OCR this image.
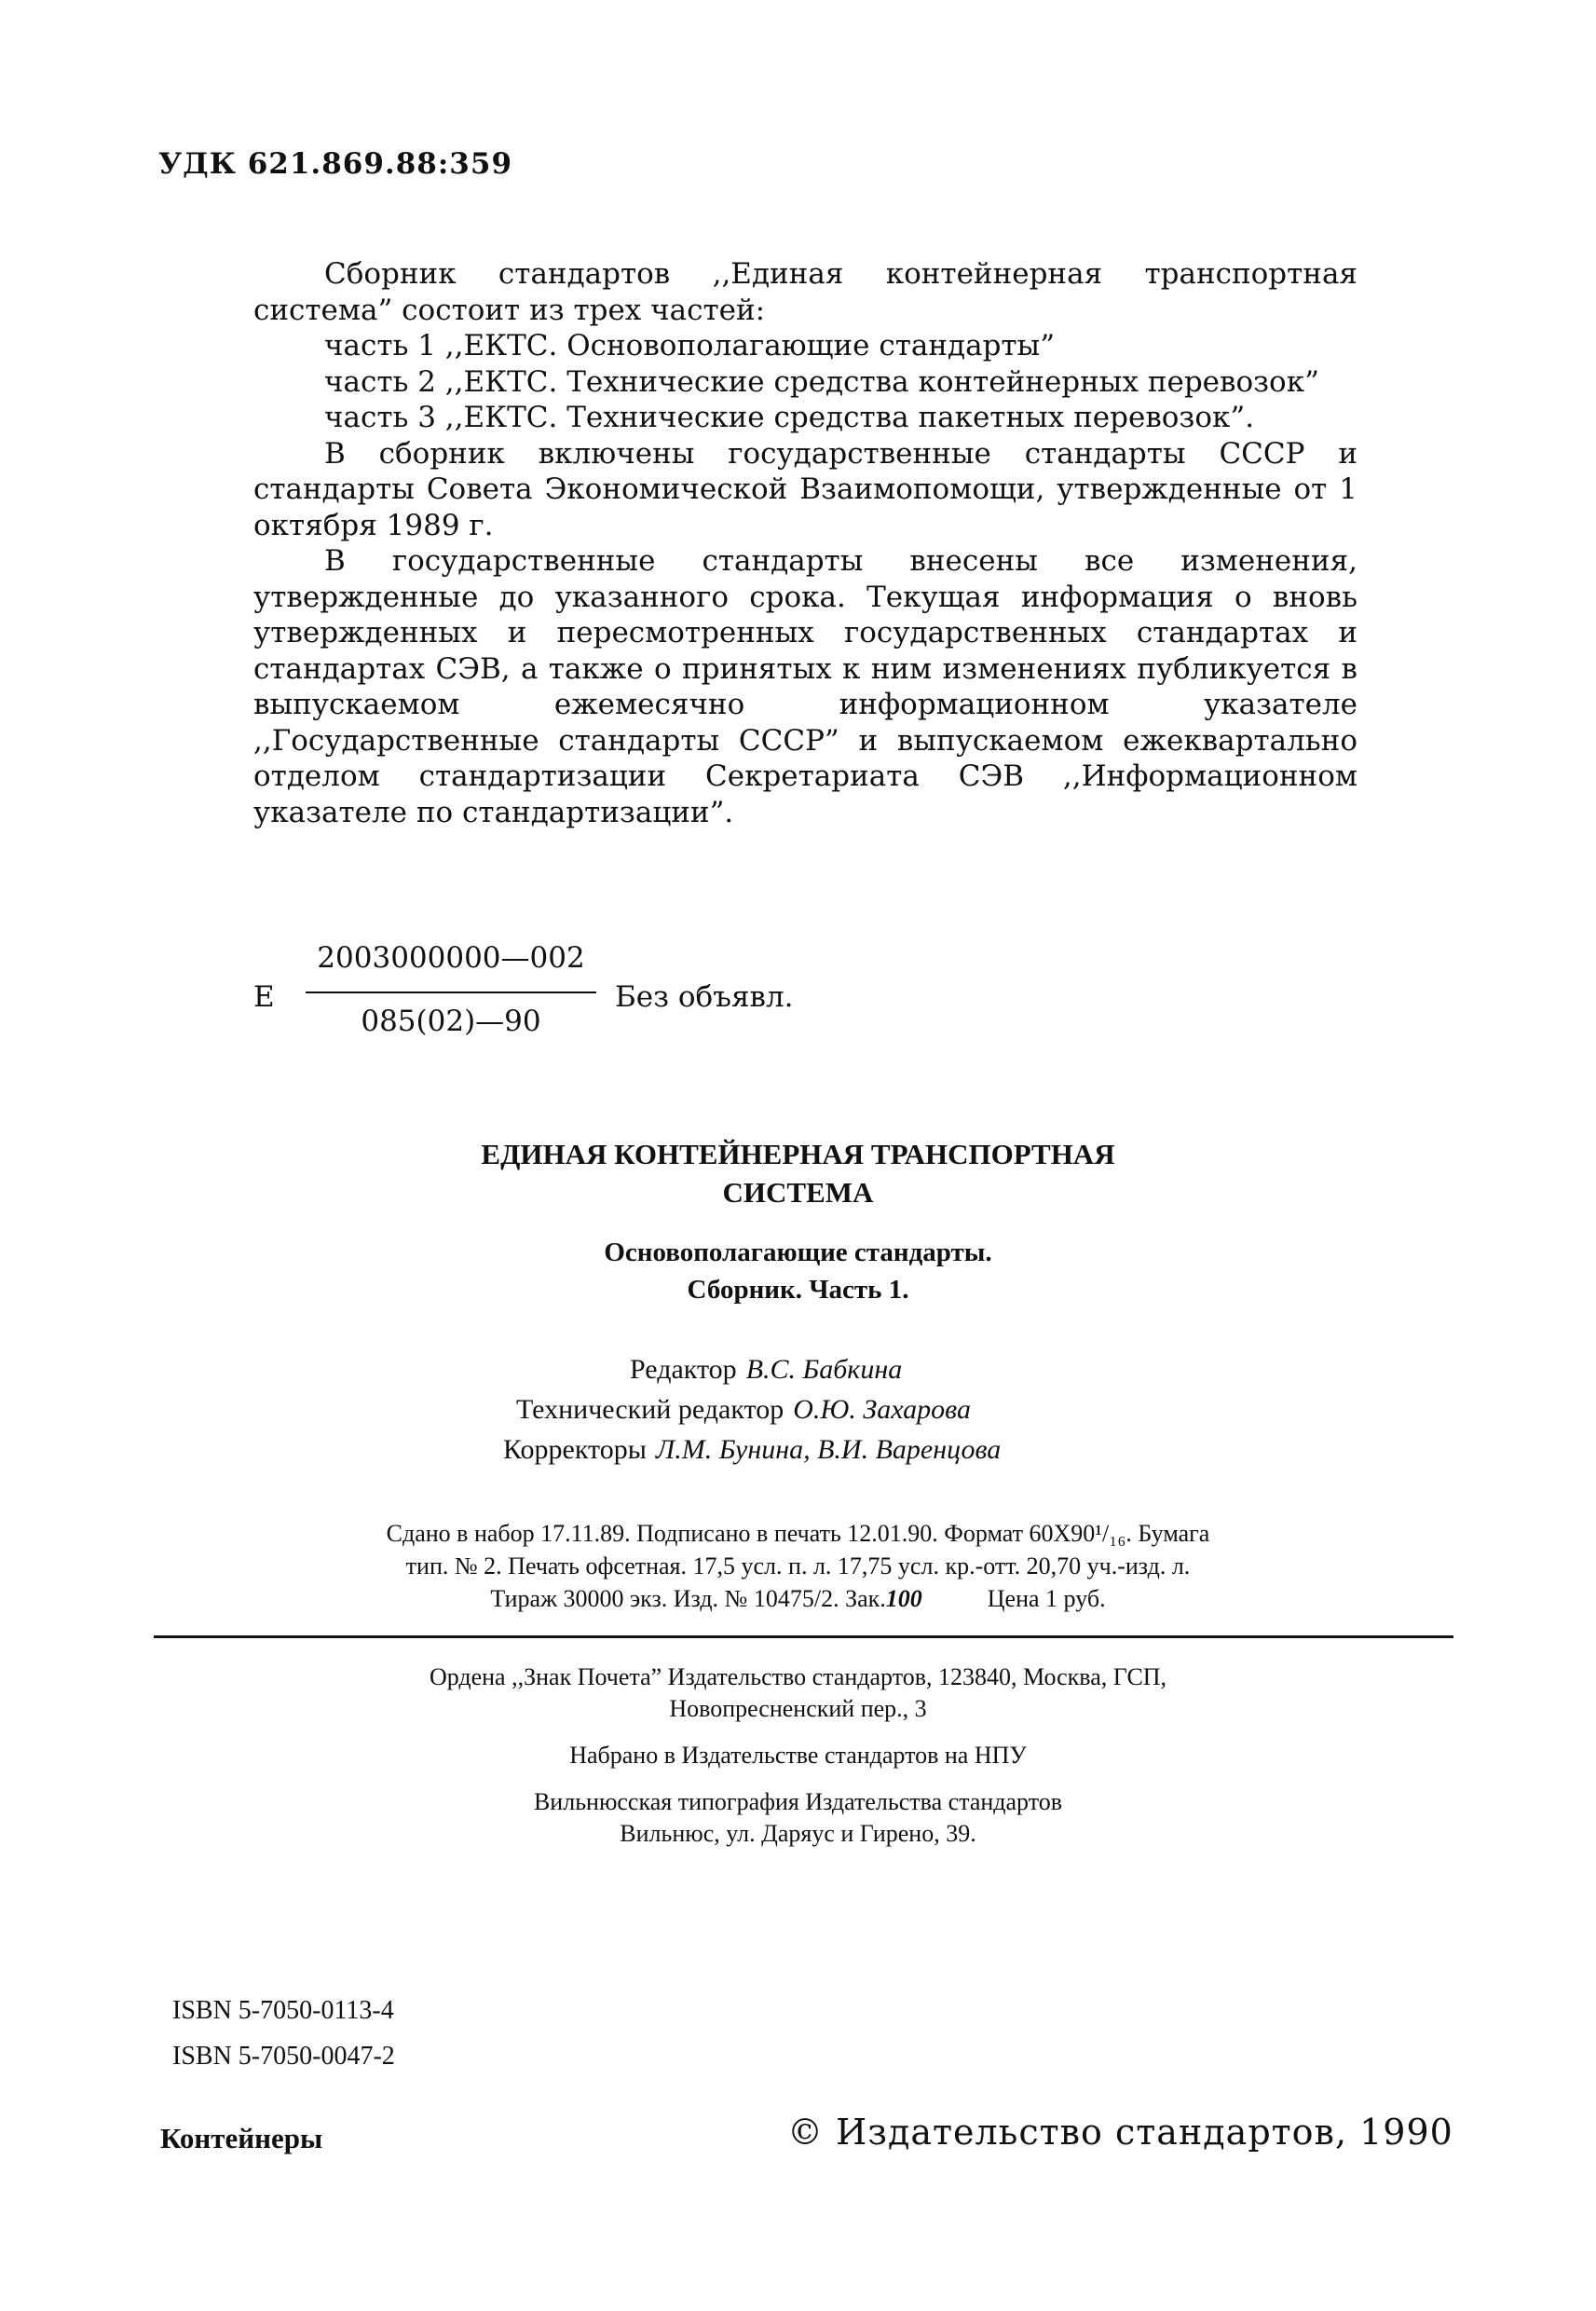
УДК 621.869.88:359

Сборник стандартов ,,Единая контейнерная транспортная система” состоит из трех частей:

часть 1 ,,ЕКТС. Основополагающие стандарты”

часть 2 ,,ЕКТС. Технические средства контейнерных перевозок”

часть 3 ,,ЕКТС. Технические средства пакетных перевозок”.

В сборник включены государственные стандарты СССР и стандарты Совета Экономической Взаимопомощи, утвержденные от 1 октября 1989 г.

В государственные стандарты внесены все изменения, утвержденные до указанного срока. Текущая информация о вновь утвержденных и пересмотренных государственных стандартах и стандартах СЭВ, а также о принятых к ним изменениях публикуется в выпускаемом ежемесячно информационном указателе ,,Государственные стандарты СССР” и выпускаемом ежеквартально отделом стандартизации Секретариата СЭВ ,,Информационном указателе по стандартизации”.

Е
2003000000—002
085(02)—90
Без объявл.
ЕДИНАЯ КОНТЕЙНЕРНАЯ ТРАНСПОРТНАЯ
СИСТЕМА
Основополагающие стандарты.
Сборник. Часть 1.
Редактор В.С. Бабкина
Технический редактор О.Ю. Захарова
Корректоры Л.М. Бунина, В.И. Варенцова
Сдано в набор 17.11.89. Подписано в печать 12.01.90. Формат 60Х90¹/₁₆. Бумага
тип. № 2. Печать офсетная. 17,5 усл. п. л. 17,75 усл. кр.-отт. 20,70 уч.-изд. л.
Тираж 30000 экз. Изд. № 10475/2. Зак.100	Цена 1 руб.
Ордена ,,Знак Почета” Издательство стандартов, 123840, Москва, ГСП,
Новопресненский пер., 3
Набрано в Издательстве стандартов на НПУ
Вильнюсская типография Издательства стандартов
Вильнюс, ул. Даряус и Гирено, 39.
ISBN 5-7050-0113-4
ISBN 5-7050-0047-2
Контейнеры	© Издательство стандартов, 1990
